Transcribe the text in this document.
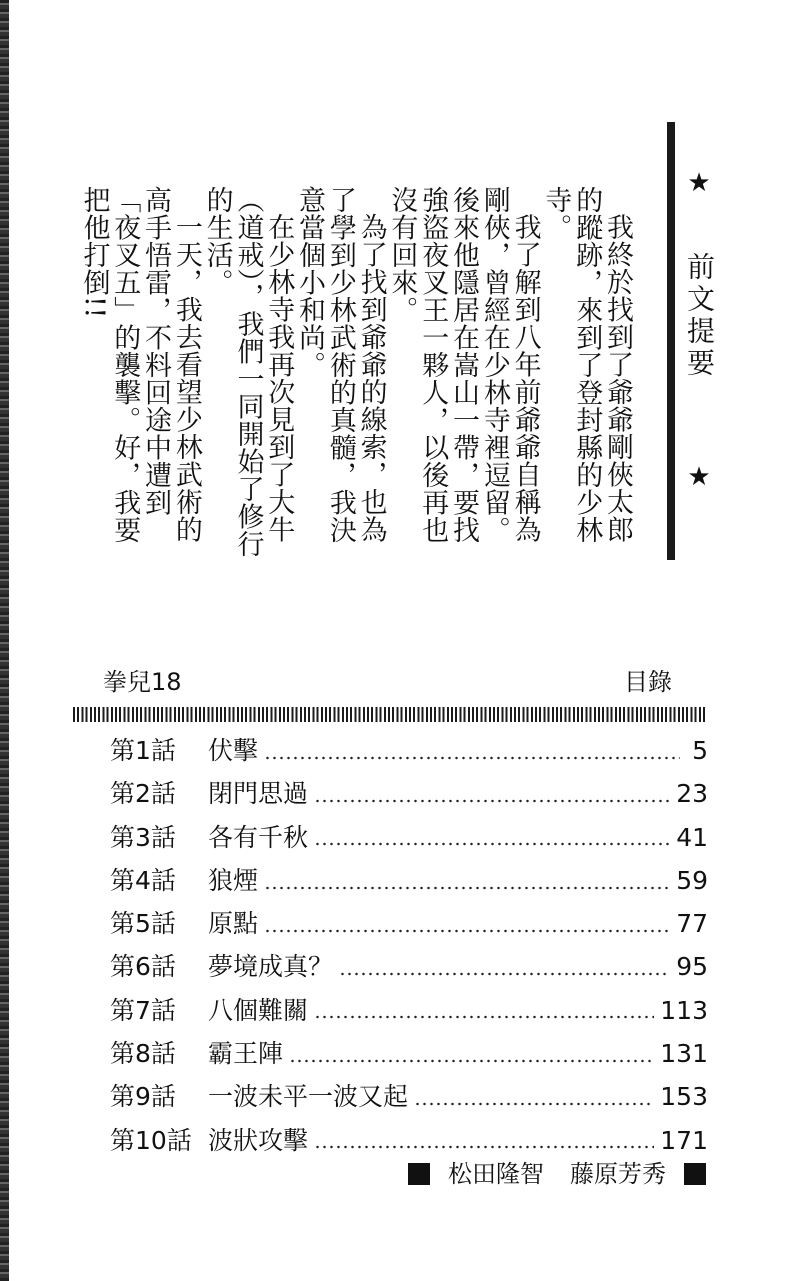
★
前文提要
★

我終於找到了爺爺剛俠太郎的蹤跡，來到了登封縣的少林寺。

我了解到八年前爺爺自稱為剛俠，曾經在少林寺裡逗留。後來他隱居在嵩山一帶，要找強盜夜叉王一夥人，以後再也沒有回來。

為了找到爺爺的線索，也為了學到少林武術的真髓，我決意當個小和尚。

在少林寺我再次見到了大牛（道戒），我們一同開始了修行的生活。

一天，我去看望少林武術的高手悟雷，不料回途中遭到「夜叉五」的襲擊。好，我要把他打倒!!

拳兒18	目錄
第1話	伏擊	5
第2話	閉門思過	23
第3話	各有千秋	41
第4話	狼煙	59
第5話	原點	77
第6話	夢境成真？	95
第7話	八個難關	113
第8話	霸王陣	131
第9話	一波未平一波又起	153
第10話 波狀攻擊	171
松田隆智 藤原芳秀
